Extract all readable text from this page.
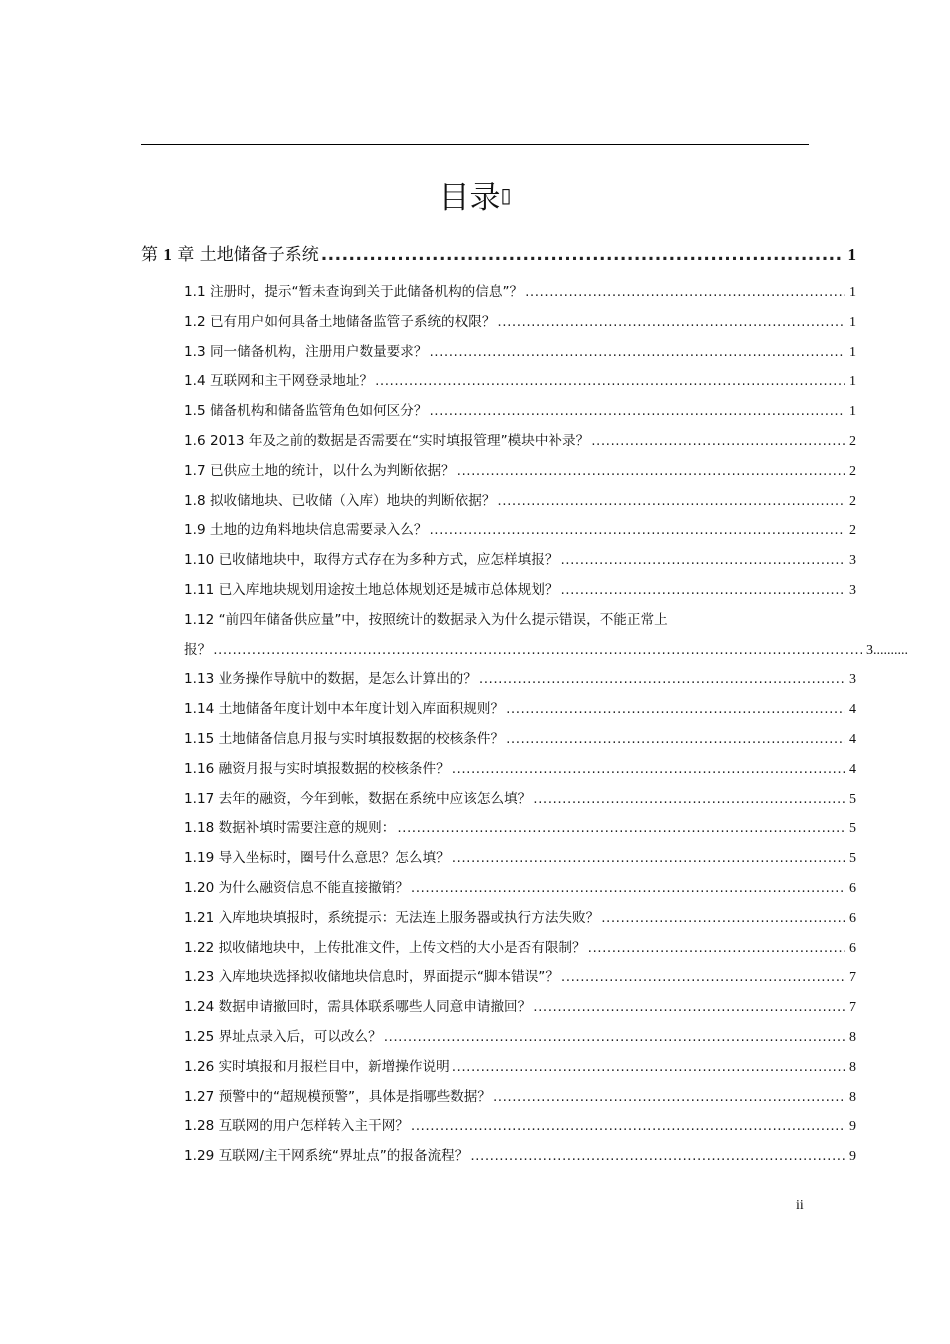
目录▯
第 1 章 土地储备子系统 .....	1
1.1 注册时，提示“暂未查询到关于此储备机构的信息”？ .....	1
1.2 已有用户如何具备土地储备监管子系统的权限？ .....	1
1.3 同一储备机构，注册用户数量要求？ .....	1
1.4 互联网和主干网登录地址？ .....	1
1.5 储备机构和储备监管角色如何区分？ .....	1
1.6 2013 年及之前的数据是否需要在“实时填报管理”模块中补录？ .....	2
1.7 已供应土地的统计，以什么为判断依据？ .....	2
1.8 拟收储地块、已收储（入库）地块的判断依据？ .....	2
1.9 土地的边角料地块信息需要录入么？ .....	2
1.10 已收储地块中，取得方式存在为多种方式，应怎样填报？ .....	3
1.11 已入库地块规划用途按土地总体规划还是城市总体规划？ .....	3
1.12 “前四年储备供应量”中，按照统计的数据录入为什么提示错误，不能正常上
报？ .....	3..........
1.13 业务操作导航中的数据，是怎么计算出的？ .....	3
1.14 土地储备年度计划中本年度计划入库面积规则？ .....	4
1.15 土地储备信息月报与实时填报数据的校核条件？ .....	4
1.16 融资月报与实时填报数据的校核条件？ .....	4
1.17 去年的融资，今年到帐，数据在系统中应该怎么填？ .....	5
1.18 数据补填时需要注意的规则： .....	5
1.19 导入坐标时，圈号什么意思？怎么填？ .....	5
1.20 为什么融资信息不能直接撤销？ .....	6
1.21 入库地块填报时，系统提示：无法连上服务器或执行方法失败？ .....	6
1.22 拟收储地块中，上传批准文件，上传文档的大小是否有限制？ .....	6
1.23 入库地块选择拟收储地块信息时，界面提示“脚本错误”？ .....	7
1.24 数据申请撤回时，需具体联系哪些人同意申请撤回？ .....	7
1.25 界址点录入后，可以改么？ .....	8
1.26 实时填报和月报栏目中，新增操作说明 .....	8
1.27 预警中的“超规模预警”，具体是指哪些数据？ .....	8
1.28 互联网的用户怎样转入主干网？ .....	9
1.29 互联网/主干网系统“界址点”的报备流程？ .....	9
ii
